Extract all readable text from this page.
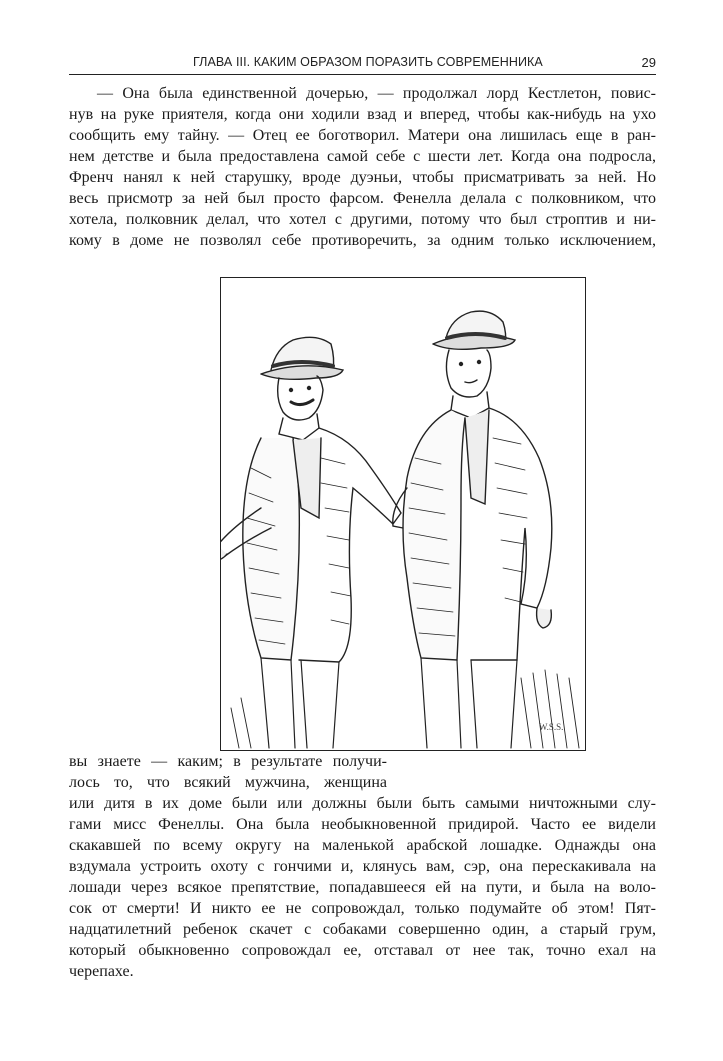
ГЛАВА III. КАКИМ ОБРАЗОМ ПОРАЗИТЬ СОВРЕМЕННИКА	29
— Она была единственной дочерью, — продолжал лорд Кестлетон, повис-
нув на руке приятеля, когда они ходили взад и вперед, чтобы как-нибудь на ухо
сообщить ему тайну. — Отец ее боготворил. Матери она лишилась еще в ран-
нем детстве и была предоставлена самой себе с шести лет. Когда она подросла,
Френч нанял к ней старушку, вроде дуэньи, чтобы присматривать за ней. Но
весь присмотр за ней был просто фарсом. Фенелла делала с полковником, что
хотела, полковник делал, что хотел с другими, потому что был строптив и ни-
кому в доме не позволял себе противоречить, за одним только исключением,
W.S.S.
вы знаете — каким; в результате получи-
лось то, что всякий мужчина, женщина
или дитя в их доме были или должны были быть самыми ничтожными слу-
гами мисс Фенеллы. Она была необыкновенной придирой. Часто ее видели
скакавшей по всему округу на маленькой арабской лошадке. Однажды она
вздумала устроить охоту с гончими и, клянусь вам, сэр, она перескакивала на
лошади через всякое препятствие, попадавшееся ей на пути, и была на воло-
сок от смерти! И никто ее не сопровождал, только подумайте об этом! Пят-
надцатилетний ребенок скачет с собаками совершенно один, а старый грум,
который обыкновенно сопровождал ее, отставал от нее так, точно ехал на
черепахе.
